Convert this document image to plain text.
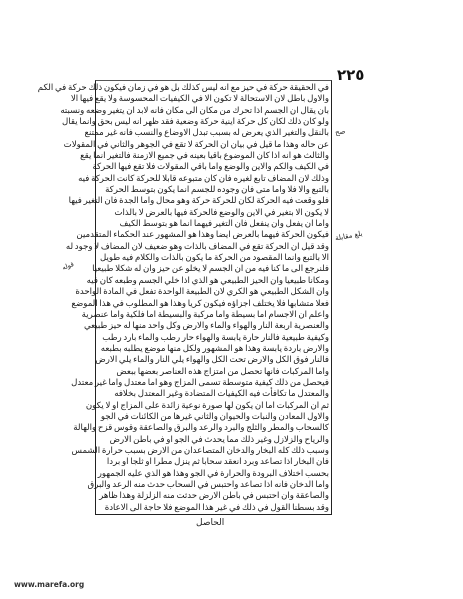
٢٢٥
في الحقيقة حركة في حيز مع انه ليس كذلك بل هو في زمان فيكون ذلك حركة في الكم
والاول باطل لان الاستحالة لا تكون الا في الكيفيات المحسوسة ولا يقع فيها الا
بان يقال ان الجسم اذا تحرك من مكان الى مكان فانه لابد ان يتغير وضعه ونسبته
ولو كان ذلك لكان كل حركة اينية حركة وضعية فقد ظهر انه ليس بحق وانما يقال
بالنقل والتغير الذي يعرض له بسبب تبدل الاوضاع والنسب فانه غير ممتنع
عن حاله وهذا ما قيل في بيان ان الحركة لا تقع في الجوهر والثاني في المقولات
والثالث هو انه اذا كان الموضوع باقيا بعينه في جميع الازمنة فالتغير انما يقع
في الكيف والكم والاين والوضع واما باقي المقولات فلا تقع فيها الحركة
وذلك لان المضاف تابع لغيره فان كان متبوعه قابلا للحركة كانت الحركة فيه
بالتبع والا فلا واما متى فان وجوده للجسم انما يكون بتوسط الحركة
فلو وقعت فيه الحركة لكان للحركة حركة وهو محال واما الجدة فان التغير فيها
لا يكون الا بتغير في الاين والوضع فالحركة فيها بالعرض لا بالذات
واما ان يفعل وان ينفعل فان التغير فيهما انما هو بتوسط الكيف
فيكون الحركة فيهما بالعرض ايضا وهذا هو المشهور عند الحكماء المتقدمين
وقد قيل ان الحركة تقع في المضاف بالذات وهو ضعيف لان المضاف لا وجود له
الا بالتبع وانما المقصود من الحركة ما يكون بالذات والكلام فيه طويل
فلنرجع الى ما كنا فيه من ان الجسم لا يخلو عن حيز وان له شكلا طبيعيا
ومكانا طبيعيا وان الحيز الطبيعي هو الذي اذا خلي الجسم وطبعه كان فيه
وان الشكل الطبيعي هو الكري لان الطبيعة الواحدة تفعل في المادة الواحدة
فعلا متشابها فلا يختلف اجزاؤه فيكون كريا وهذا هو المطلوب في هذا الموضع
واعلم ان الاجسام اما بسيطة واما مركبة والبسيطة اما فلكية واما عنصرية
والعنصرية اربعة النار والهواء والماء والارض وكل واحد منها له حيز طبيعي
وكيفية طبيعية فالنار حارة يابسة والهواء حار رطب والماء بارد رطب
والارض باردة يابسة وهذا هو المشهور ولكل منها موضع يطلبه بطبعه
فالنار فوق الكل والارض تحت الكل والهواء يلي النار والماء يلي الارض
واما المركبات فانها تحصل من امتزاج هذه العناصر بعضها ببعض
فيحصل من ذلك كيفية متوسطة تسمى المزاج وهو اما معتدل واما غير معتدل
والمعتدل ما تكافأت فيه الكيفيات المتضادة وغير المعتدل بخلافه
ثم ان المركبات اما ان يكون لها صورة نوعية زائدة على المزاج او لا يكون
والاول المعادن والنبات والحيوان والثاني غيرها من الكائنات في الجو
كالسحاب والمطر والثلج والبرد والرعد والبرق والصاعقة وقوس قزح والهالة
والرياح والزلازل وغير ذلك مما يحدث في الجو او في باطن الارض
وسبب ذلك كله البخار والدخان المتصاعدان من الارض بسبب حرارة الشمس
فان البخار اذا تصاعد وبرد انعقد سحابا ثم ينزل مطرا او ثلجا او بردا
بحسب اختلاف البرودة والحرارة في الجو وهذا هو الذي عليه الجمهور
واما الدخان فانه اذا تصاعد واحتبس في السحاب حدث منه الرعد والبرق
والصاعقة وان احتبس في باطن الارض حدثت منه الزلزلة وهذا ظاهر
وقد بسطنا القول في ذلك في غير هذا الموضع فلا حاجة الى الاعادة
صح
بلغ مقابلة
قوله
الحاصل
www.marefa.org
